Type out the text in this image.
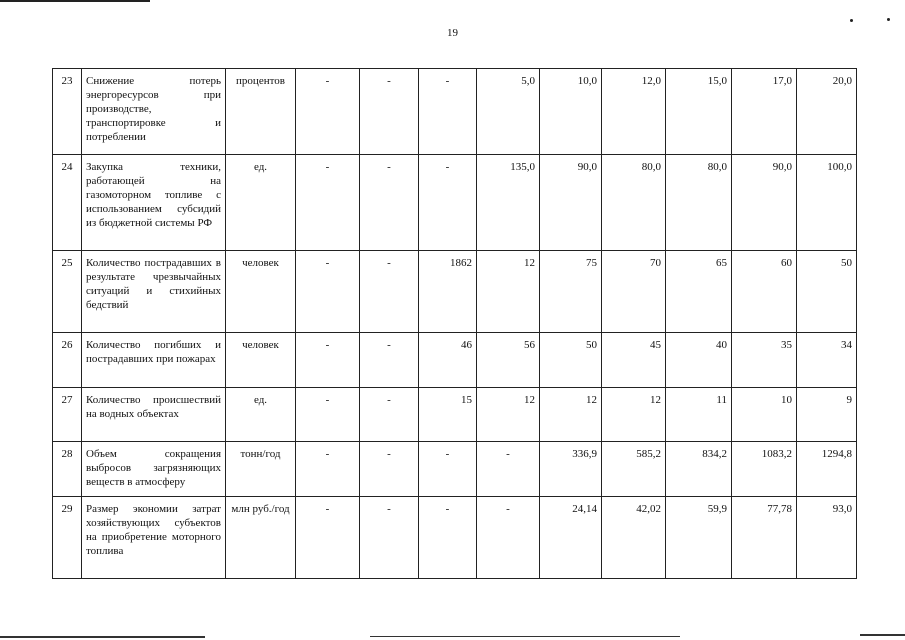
19
23	Снижение потерь энергоресурсов при производстве, транспортировке и потреблении	процентов	-	-	-	5,0	10,0	12,0	15,0	17,0	20,0
24	Закупка техники, работающей на газомоторном топливе с использованием субсидий из бюджетной системы РФ	ед.	-	-	-	135,0	90,0	80,0	80,0	90,0	100,0
25	Количество пострадавших в результате чрезвычайных ситуаций и стихийных бедствий	человек	-	-	1862	12	75	70	65	60	50
26	Количество погибших и пострадавших при пожарах	человек	-	-	46	56	50	45	40	35	34
27	Количество происшествий на водных объектах	ед.	-	-	15	12	12	12	11	10	9
28	Объем сокращения выбросов загрязняющих веществ в атмосферу	тонн/год	-	-	-	-	336,9	585,2	834,2	1083,2	1294,8
29	Размер экономии затрат хозяйствующих субъектов на приобретение моторного топлива	млн руб./год	-	-	-	-	24,14	42,02	59,9	77,78	93,0
